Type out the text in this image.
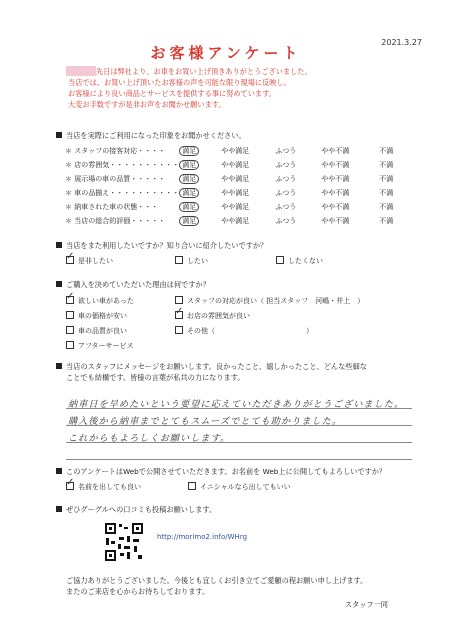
2021.3.27
お客様アンケート
先日は弊社より、お車をお買い上げ頂きありがとうございました。
当店では、お買い上げ頂いたお客様の声を可能な限り現場に反映し、
お客様により良い商品とサービスを提供する事に努めています。
大変お手数ですが是非お声をお聞かせ願います。
当店を実際にご利用になった印象をお聞かせください。
＊ スタッフの接客対応・・・・	満足	やや満足	ふつう	やや不満	不満
＊ 店の雰囲気・・・・・・・・・・	満足	やや満足	ふつう	やや不満	不満
＊ 展示場の車の品質・・・・・	満足	やや満足	ふつう	やや不満	不満
＊ 車の品揃え・・・・・・・・・・	満足	やや満足	ふつう	やや不満	不満
＊ 納車された車の状態・・・	満足	やや満足	ふつう	やや不満	不満
＊ 当店の総合的評価・・・・・	満足	やや満足	ふつう	やや不満	不満
当店をまた利用したいですか？知り合いに紹介したいですか？
✓是非したい	したい	したくない
ご購入を決めていただいた理由は何ですか？
✓欲しい車があった
車の価格が安い
車の品質が良い
アフターサービス
スタッフの対応が良い（ 担当スタッフ　河嶋・井上　）
✓お店の雰囲気が良い
その他（　　　　　　　　　　　　　）
当店のスタッフにメッセージをお願いします。良かったこと、嬉しかったこと、どんな些細な
ことでも結構です。皆様の言葉が私共の力になります。
納車日を早めたいという要望に応えていただきありがとうございました。
購入後から納車までとてもスムーズでとても助かりました。
これからもよろしくお願いします。
このアンケートはWebで公開させていただきます。お名前を Web上に公開してもよろしいですか？
✓名前を出しても良い	イニシャルなら出してもいい
ぜひグーグルへの口コミも投稿お願いします。
http://morimo2.info/WHrg
ご協力ありがとうございました。今後とも宜しくお引き立てご愛顧の程お願い申し上げます。
またのご来店を心からお待ちしております。
スタッフ一同
